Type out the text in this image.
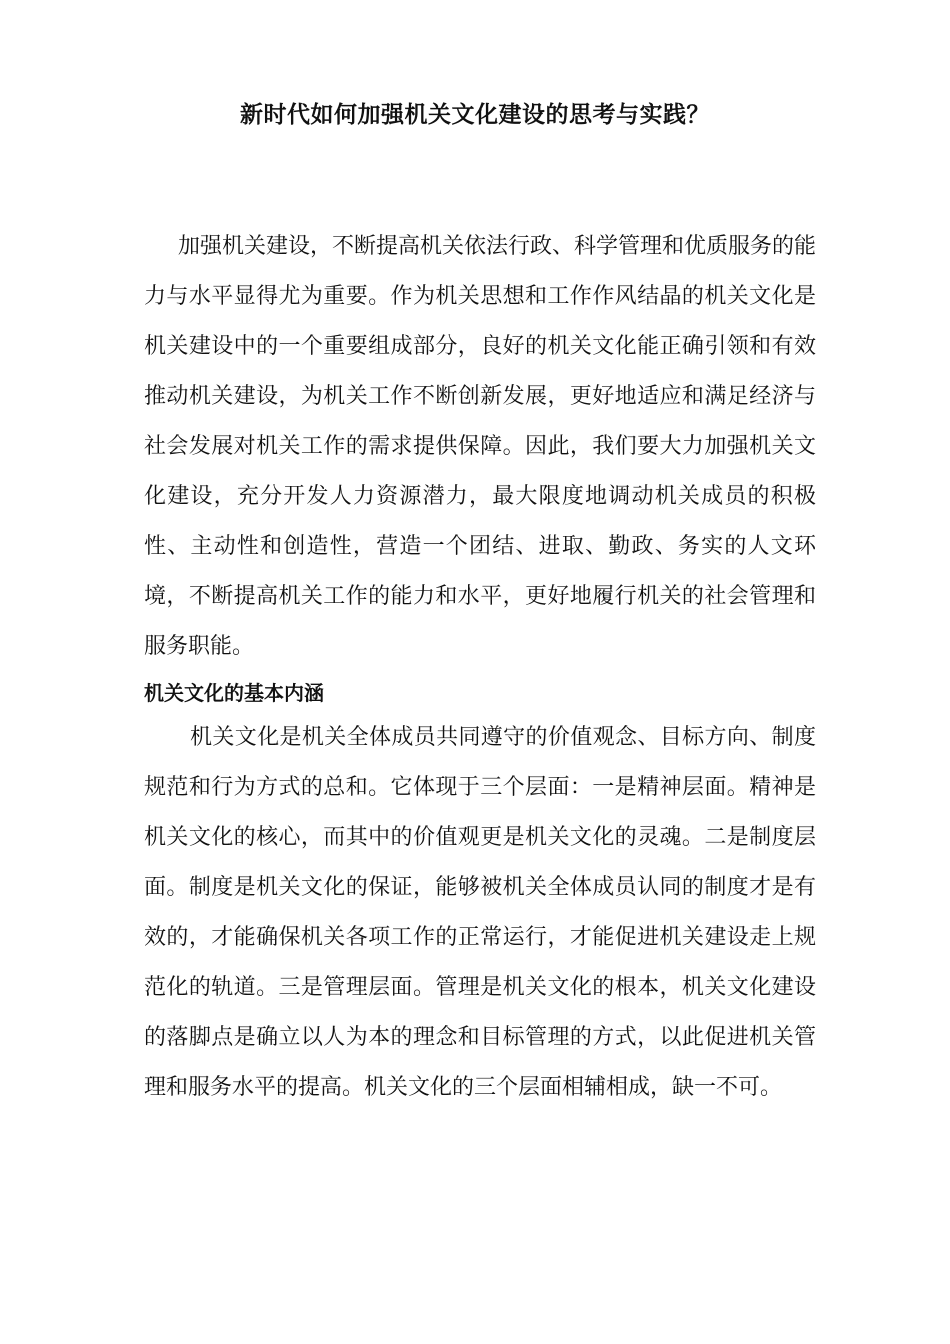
新时代如何加强机关文化建设的思考与实践？

加强机关建设，不断提高机关依法行政、科学管理和优质服务的能力与水平显得尤为重要。作为机关思想和工作作风结晶的机关文化是机关建设中的一个重要组成部分，良好的机关文化能正确引领和有效推动机关建设，为机关工作不断创新发展，更好地适应和满足经济与社会发展对机关工作的需求提供保障。因此，我们要大力加强机关文化建设，充分开发人力资源潜力，最大限度地调动机关成员的积极性、主动性和创造性，营造一个团结、进取、勤政、务实的人文环境，不断提高机关工作的能力和水平，更好地履行机关的社会管理和服务职能。

机关文化的基本内涵

机关文化是机关全体成员共同遵守的价值观念、目标方向、制度规范和行为方式的总和。它体现于三个层面：一是精神层面。精神是机关文化的核心，而其中的价值观更是机关文化的灵魂。二是制度层面。制度是机关文化的保证，能够被机关全体成员认同的制度才是有效的，才能确保机关各项工作的正常运行，才能促进机关建设走上规范化的轨道。三是管理层面。管理是机关文化的根本，机关文化建设的落脚点是确立以人为本的理念和目标管理的方式，以此促进机关管理和服务水平的提高。机关文化的三个层面相辅相成，缺一不可。
